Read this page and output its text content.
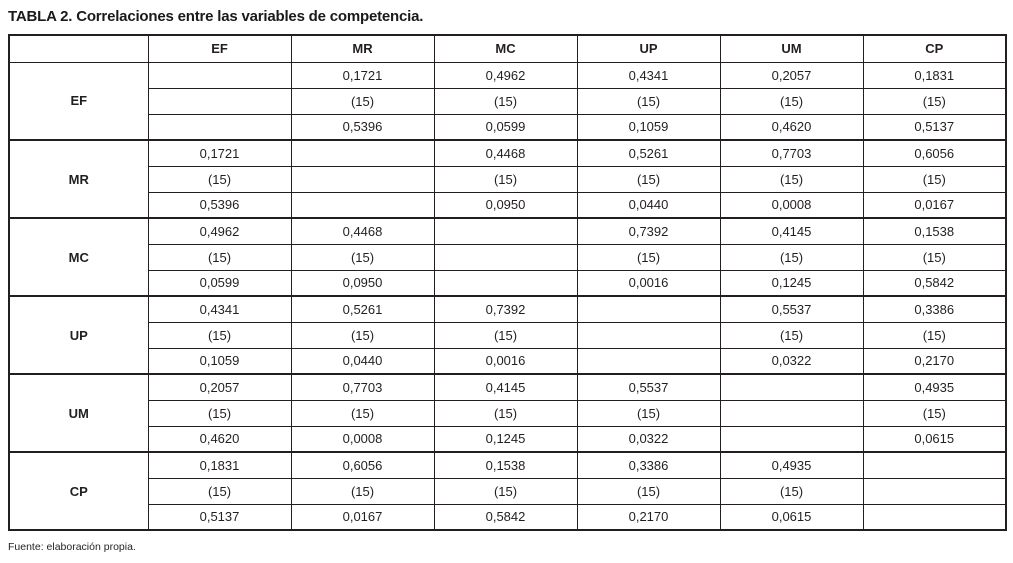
TABLA 2. Correlaciones entre las variables de competencia.
	EF	MR	MC	UP	UM	CP
EF		0,1721	0,4962	0,4341	0,2057	0,1831
		(15)	(15)	(15)	(15)	(15)
		0,5396	0,0599	0,1059	0,4620	0,5137
MR	0,1721		0,4468	0,5261	0,7703	0,6056
	(15)		(15)	(15)	(15)	(15)
	0,5396		0,0950	0,0440	0,0008	0,0167
MC	0,4962	0,4468		0,7392	0,4145	0,1538
	(15)	(15)		(15)	(15)	(15)
	0,0599	0,0950		0,0016	0,1245	0,5842
UP	0,4341	0,5261	0,7392		0,5537	0,3386
	(15)	(15)	(15)		(15)	(15)
	0,1059	0,0440	0,0016		0,0322	0,2170
UM	0,2057	0,7703	0,4145	0,5537		0,4935
	(15)	(15)	(15)	(15)		(15)
	0,4620	0,0008	0,1245	0,0322		0,0615
CP	0,1831	0,6056	0,1538	0,3386	0,4935	
	(15)	(15)	(15)	(15)	(15)	
	0,5137	0,0167	0,5842	0,2170	0,0615	

Fuente: elaboración propia.
